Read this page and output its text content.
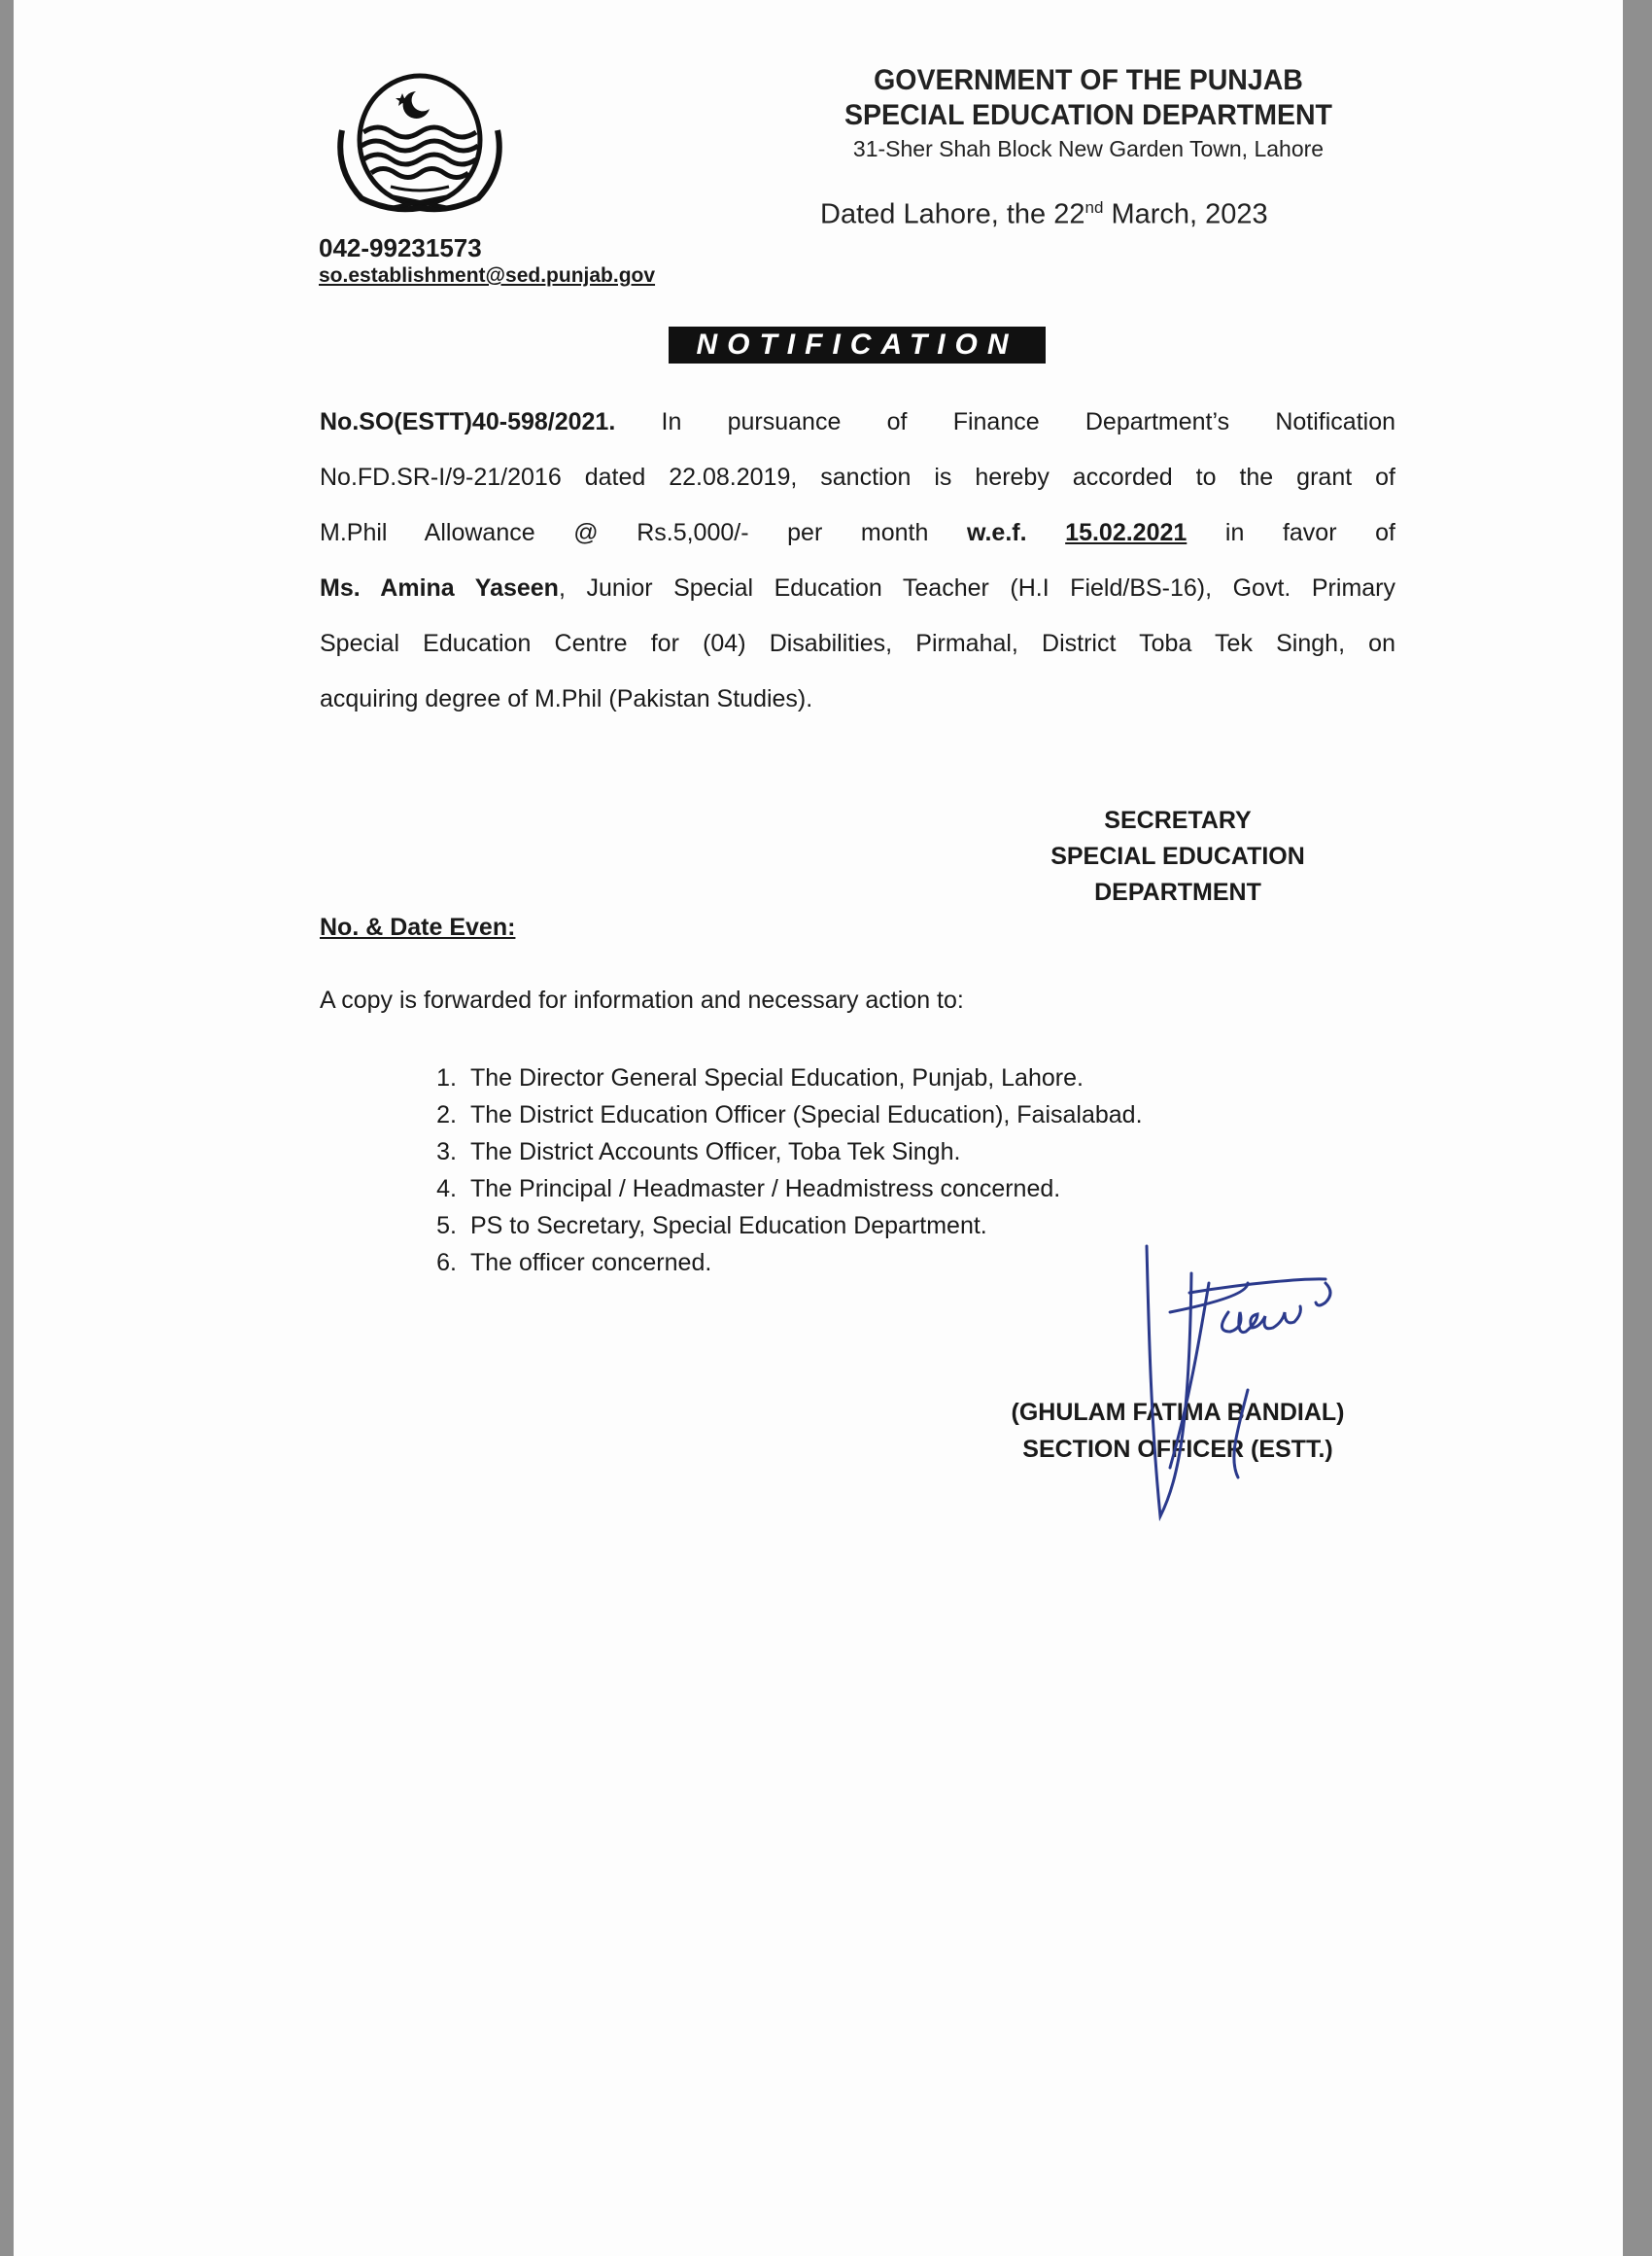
GOVERNMENT OF THE PUNJAB
SPECIAL EDUCATION DEPARTMENT
31-Sher Shah Block New Garden Town, Lahore
Dated Lahore, the 22nd March, 2023
042-99231573
so.establishment@sed.punjab.gov
NOTIFICATION
No.SO(ESTT)40-598/2021. In pursuance of Finance Department’s Notification
No.FD.SR-I/9-21/2016 dated 22.08.2019, sanction is hereby accorded to the grant of
M.Phil Allowance @ Rs.5,000/- per month w.e.f. 15.02.2021 in favor of
Ms. Amina Yaseen, Junior Special Education Teacher (H.I Field/BS-16), Govt. Primary
Special Education Centre for (04) Disabilities, Pirmahal, District Toba Tek Singh, on
acquiring degree of M.Phil (Pakistan Studies).
SECRETARY
SPECIAL EDUCATION
DEPARTMENT
No. & Date Even:
A copy is forwarded for information and necessary action to:
1. The Director General Special Education, Punjab, Lahore.
2. The District Education Officer (Special Education), Faisalabad.
3. The District Accounts Officer, Toba Tek Singh.
4. The Principal / Headmaster / Headmistress concerned.
5. PS to Secretary, Special Education Department.
6. The officer concerned.
(GHULAM FATIMA BANDIAL)
SECTION OFFICER (ESTT.)
